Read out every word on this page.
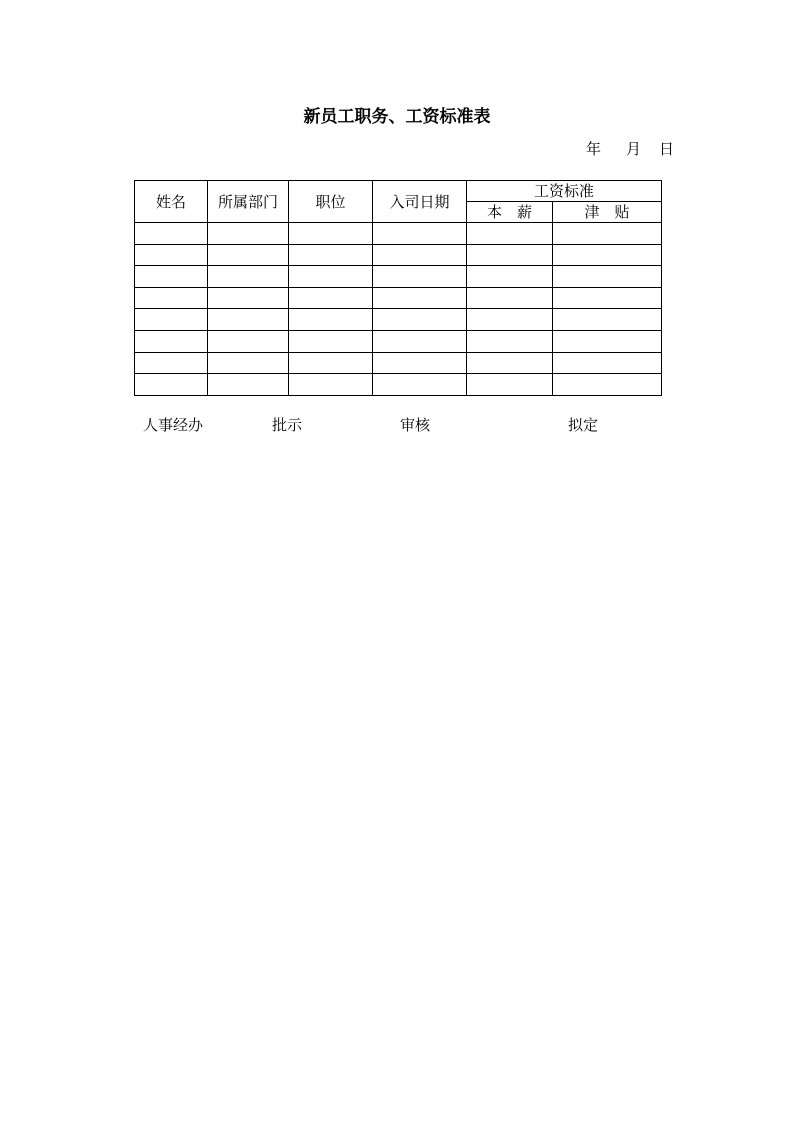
新员工职务、工资标准表

年

月

日

姓名	所属部门	职位	入司日期	工资标准	
				本　薪	津　贴

人事经办	批示	审核	拟定
